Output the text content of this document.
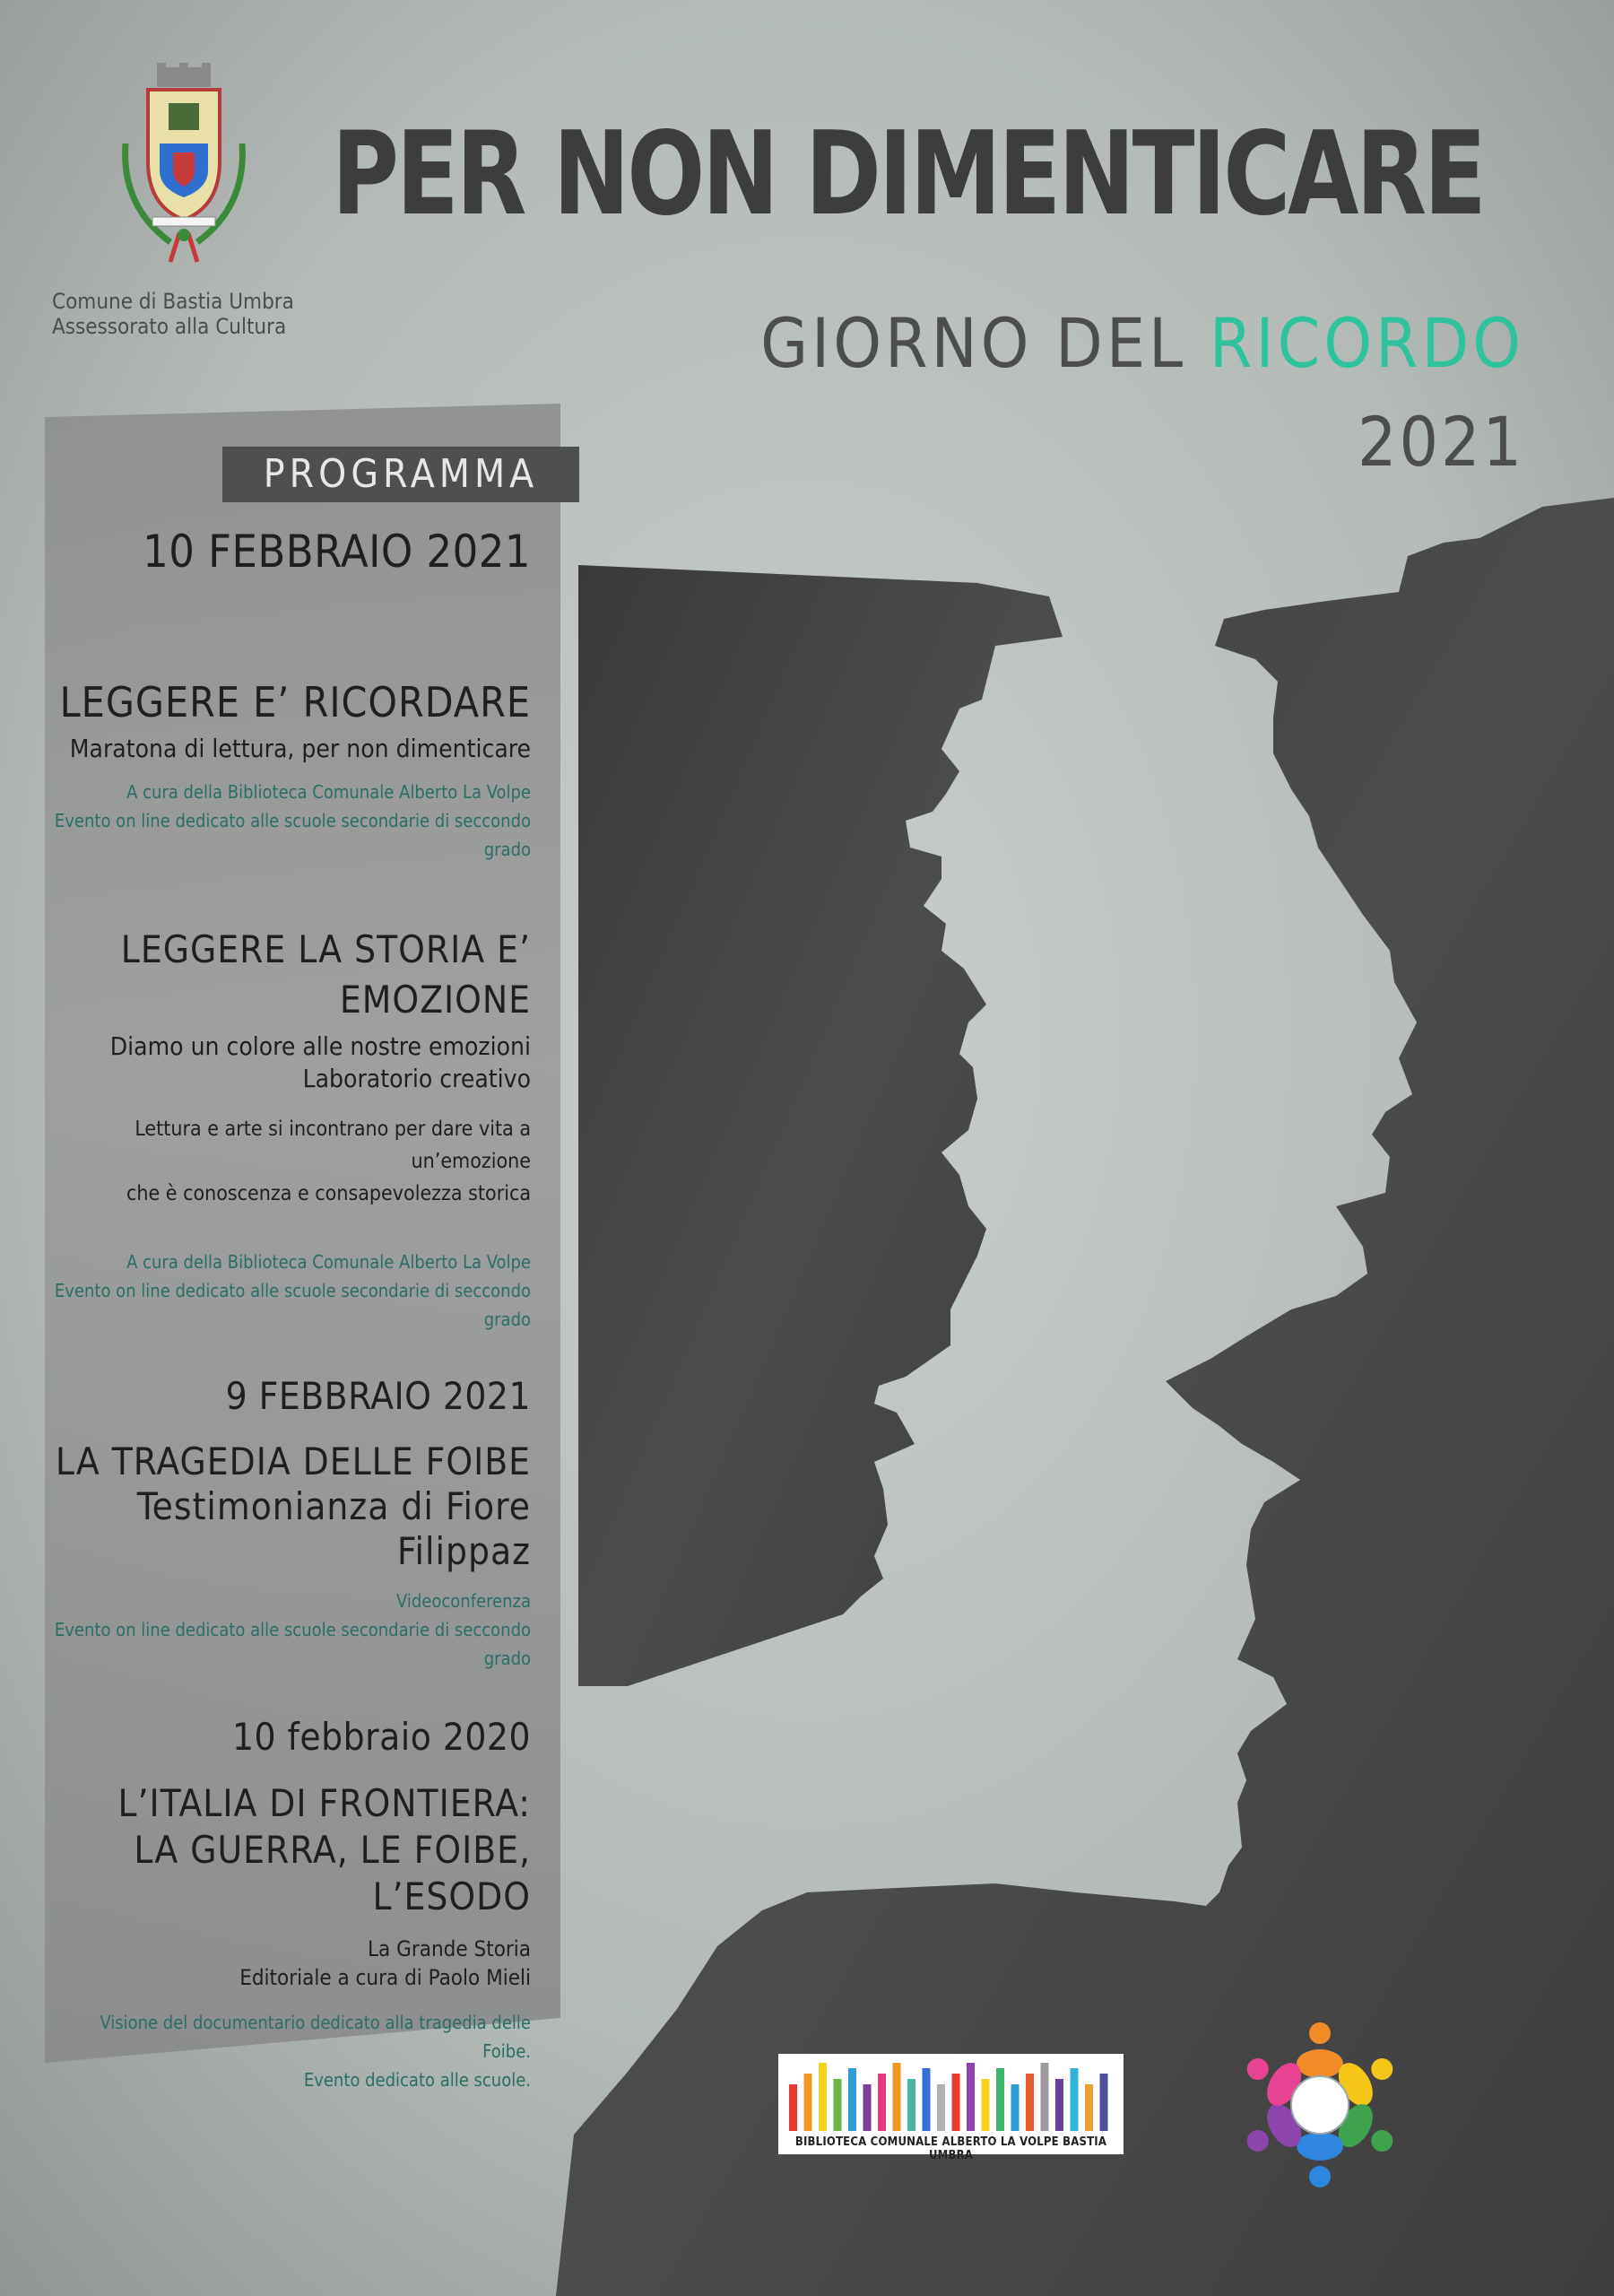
Comune di Bastia Umbra
Assessorato alla Cultura
PER NON DIMENTICARE
GIORNO DEL RICORDO
2021
PROGRAMMA
10 FEBBRAIO 2021
LEGGERE E’ RICORDARE
Maratona di lettura, per non dimenticare
A cura della Biblioteca Comunale Alberto La Volpe
Evento on line dedicato alle scuole secondarie di seccondo grado
LEGGERE LA STORIA E’ EMOZIONE
Diamo un colore alle nostre emozioni
Laboratorio creativo
Lettura e arte si incontrano per dare vita a un’emozione
che è conoscenza e consapevolezza storica
A cura della Biblioteca Comunale Alberto La Volpe
Evento on line dedicato alle scuole secondarie di seccondo grado
9 FEBBRAIO 2021
LA TRAGEDIA DELLE FOIBE
Testimonianza di Fiore Filippaz
Videoconferenza
Evento on line dedicato alle scuole secondarie di seccondo grado
10 febbraio 2020
L’ITALIA DI FRONTIERA:
LA GUERRA, LE FOIBE, L’ESODO
La Grande Storia
Editoriale a cura di Paolo Mieli
Visione del documentario dedicato alla tragedia delle Foibe.
Evento dedicato alle scuole.
BIBLIOTECA COMUNALE ALBERTO LA VOLPE BASTIA UMBRA
